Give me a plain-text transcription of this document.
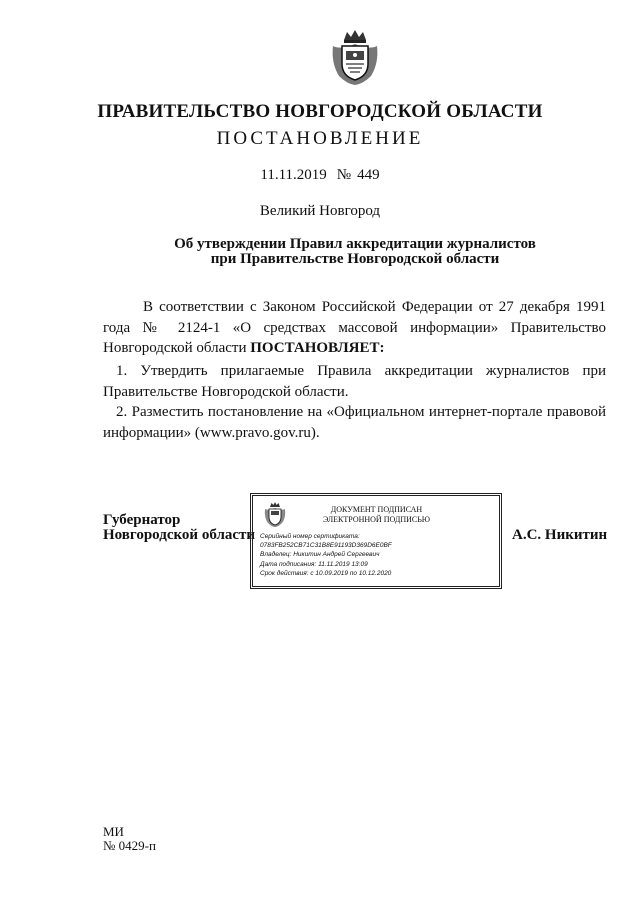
ПРАВИТЕЛЬСТВО НОВГОРОДСКОЙ ОБЛАСТИ
ПОСТАНОВЛЕНИЕ
11.11.2019 № 449
Великий Новгород
Об утверждении Правил аккредитации журналистов
при Правительстве Новгородской области
В соответствии с Законом Российской Федерации от 27 декабря 1991 года № 2124-1 «О средствах массовой информации» Правительство Новгородской области ПОСТАНОВЛЯЕТ:
1. Утвердить прилагаемые Правила аккредитации журналистов при Правительстве Новгородской области.
2. Разместить постановление на «Официальном интернет-портале правовой информации» (www.pravo.gov.ru).
Губернатор
Новгородской области
ДОКУМЕНТ ПОДПИСАН
ЭЛЕКТРОННОЙ ПОДПИСЬЮ
Серийный номер сертификата:
0783FB252CB71C31B8E91193D369D6E0BF
Владелец: Никитин Андрей Сергеевич
Дата подписания: 11.11.2019 13:09
Срок действия: с 10.09.2019 по 10.12.2020
А.С. Никитин
МИ
№ 0429-п
